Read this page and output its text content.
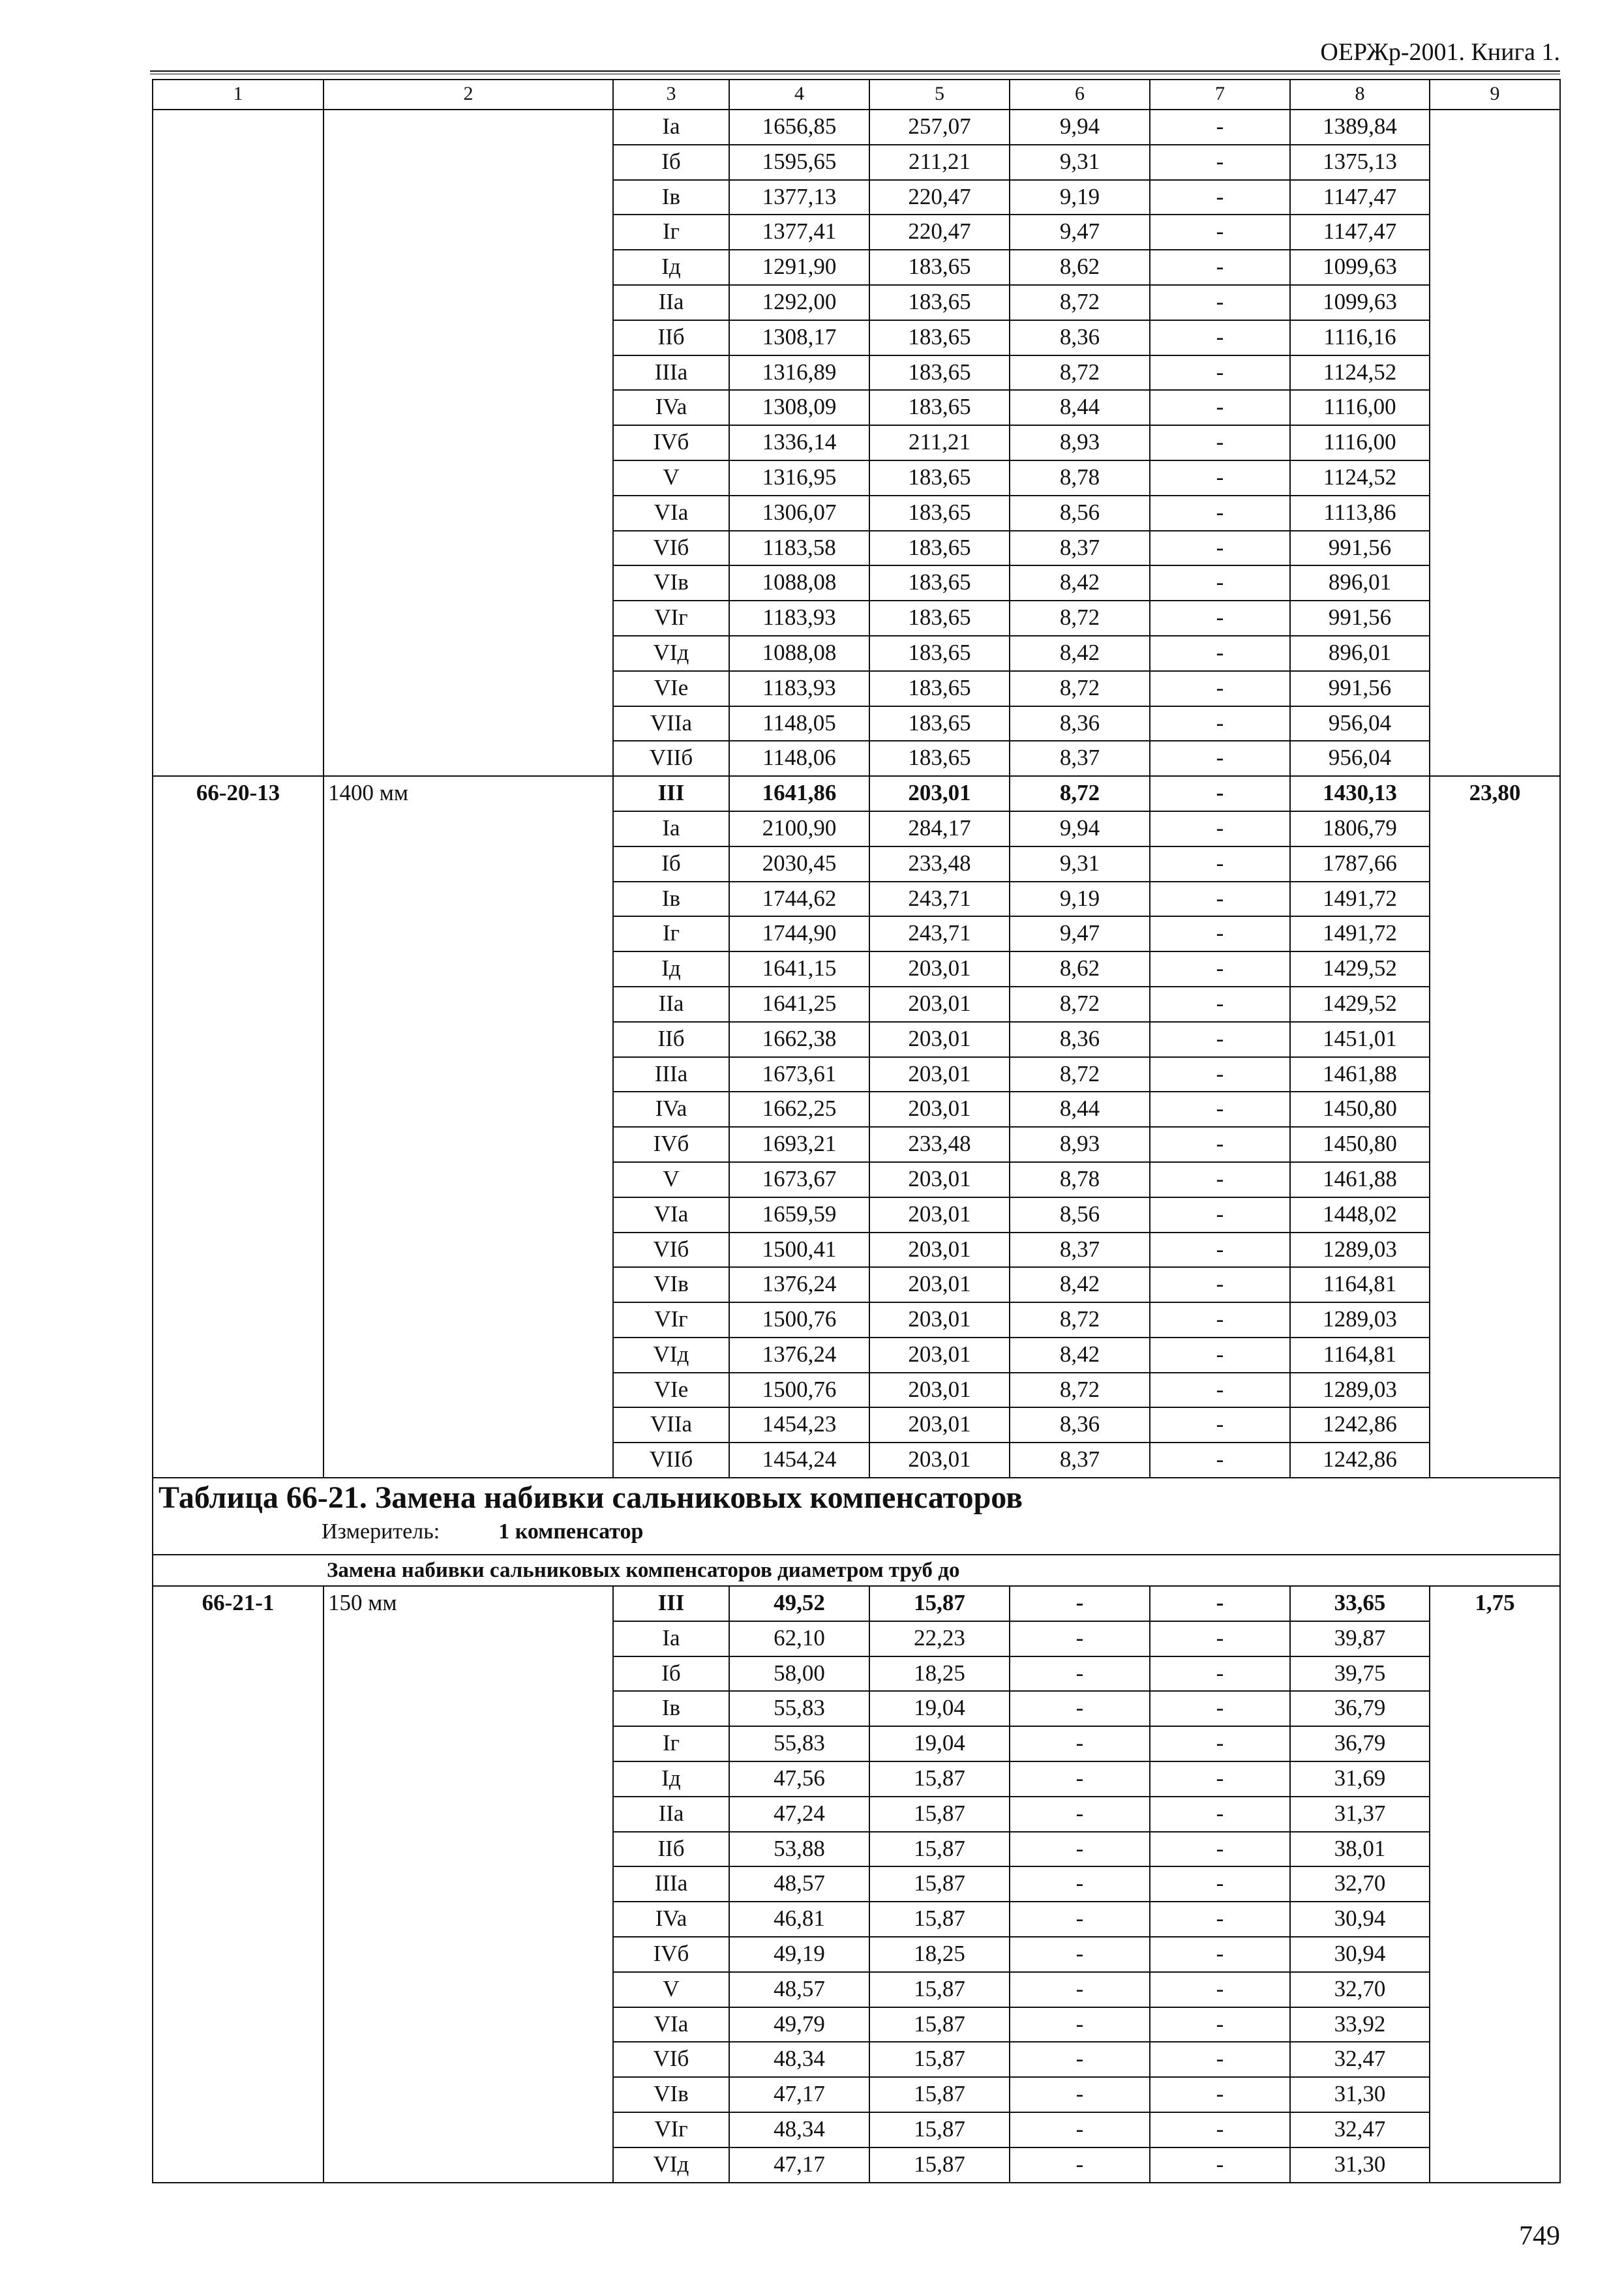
ОЕРЖр-2001. Книга 1.
1	2	3	4	5	6	7	8	9
		Ia	1656,85	257,07	9,94	-	1389,84	
		Iб	1595,65	211,21	9,31	-	1375,13	
		Iв	1377,13	220,47	9,19	-	1147,47	
		Iг	1377,41	220,47	9,47	-	1147,47	
		Iд	1291,90	183,65	8,62	-	1099,63	
		IIa	1292,00	183,65	8,72	-	1099,63	
		IIб	1308,17	183,65	8,36	-	1116,16	
		IIIa	1316,89	183,65	8,72	-	1124,52	
		IVa	1308,09	183,65	8,44	-	1116,00	
		IVб	1336,14	211,21	8,93	-	1116,00	
		V	1316,95	183,65	8,78	-	1124,52	
		VIa	1306,07	183,65	8,56	-	1113,86	
		VIб	1183,58	183,65	8,37	-	991,56	
		VIв	1088,08	183,65	8,42	-	896,01	
		VIг	1183,93	183,65	8,72	-	991,56	
		VIд	1088,08	183,65	8,42	-	896,01	
		VIe	1183,93	183,65	8,72	-	991,56	
		VIIa	1148,05	183,65	8,36	-	956,04	
		VIIб	1148,06	183,65	8,37	-	956,04	
66-20-13	1400 мм	III	1641,86	203,01	8,72	-	1430,13	23,80
		Ia	2100,90	284,17	9,94	-	1806,79	
		Iб	2030,45	233,48	9,31	-	1787,66	
		Iв	1744,62	243,71	9,19	-	1491,72	
		Iг	1744,90	243,71	9,47	-	1491,72	
		Iд	1641,15	203,01	8,62	-	1429,52	
		IIa	1641,25	203,01	8,72	-	1429,52	
		IIб	1662,38	203,01	8,36	-	1451,01	
		IIIa	1673,61	203,01	8,72	-	1461,88	
		IVa	1662,25	203,01	8,44	-	1450,80	
		IVб	1693,21	233,48	8,93	-	1450,80	
		V	1673,67	203,01	8,78	-	1461,88	
		VIa	1659,59	203,01	8,56	-	1448,02	
		VIб	1500,41	203,01	8,37	-	1289,03	
		VIв	1376,24	203,01	8,42	-	1164,81	
		VIг	1500,76	203,01	8,72	-	1289,03	
		VIд	1376,24	203,01	8,42	-	1164,81	
		VIe	1500,76	203,01	8,72	-	1289,03	
		VIIa	1454,23	203,01	8,36	-	1242,86	
		VIIб	1454,24	203,01	8,37	-	1242,86	

Таблица 66-21. Замена набивки сальниковых компенсаторов
Измеритель: 1 компенсатор								

Замена набивки сальниковых компенсаторов диаметром труб до								
66-21-1	150 мм	III	49,52	15,87	-	-	33,65	1,75
		Ia	62,10	22,23	-	-	39,87	
		Iб	58,00	18,25	-	-	39,75	
		Iв	55,83	19,04	-	-	36,79	
		Iг	55,83	19,04	-	-	36,79	
		Iд	47,56	15,87	-	-	31,69	
		IIa	47,24	15,87	-	-	31,37	
		IIб	53,88	15,87	-	-	38,01	
		IIIa	48,57	15,87	-	-	32,70	
		IVa	46,81	15,87	-	-	30,94	
		IVб	49,19	18,25	-	-	30,94	
		V	48,57	15,87	-	-	32,70	
		VIa	49,79	15,87	-	-	33,92	
		VIб	48,34	15,87	-	-	32,47	
		VIв	47,17	15,87	-	-	31,30	
		VIг	48,34	15,87	-	-	32,47	
		VIд	47,17	15,87	-	-	31,30	
749
